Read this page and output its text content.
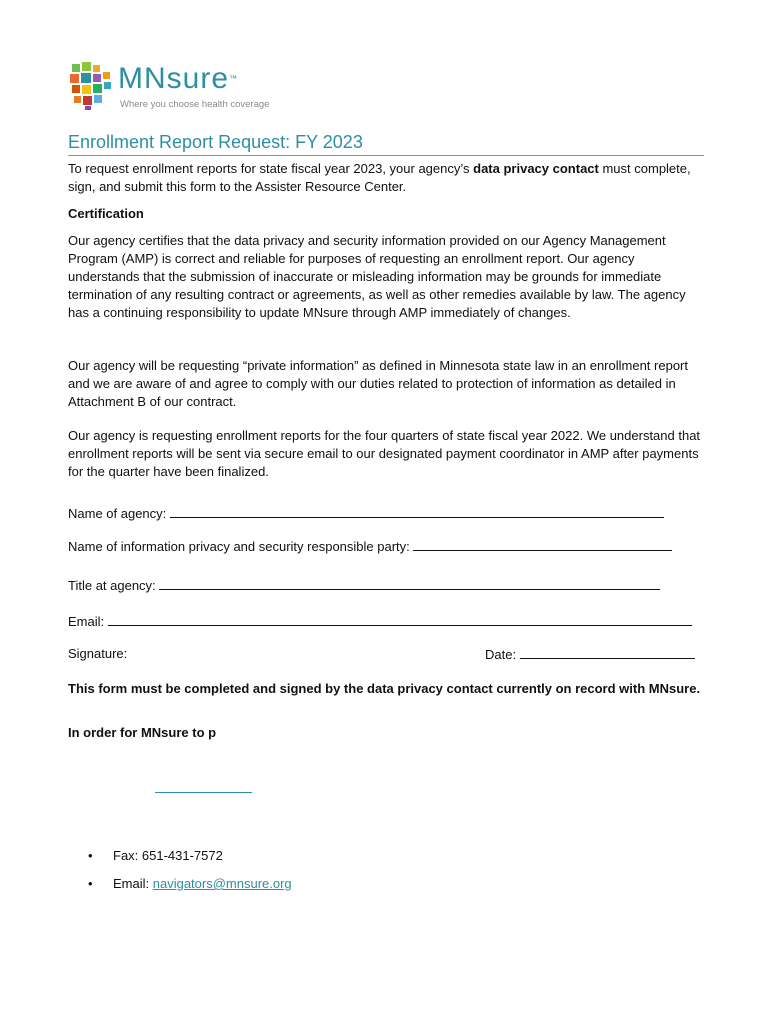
MNsure™
Where you choose health coverage
Enrollment Report Request: FY 2023
To request enrollment reports for state fiscal year 2023, your agency’s data privacy contact must complete, sign, and submit this form to the Assister Resource Center.
Certification
Our agency certifies that the data privacy and security information provided on our Agency Management Program (AMP) is correct and reliable for purposes of requesting an enrollment report. Our agency understands that the submission of inaccurate or misleading information may be grounds for immediate termination of any resulting contract or agreements, as well as other remedies available by law. The agency has a continuing responsibility to update MNsure through AMP immediately of changes.
Our agency will be requesting “private information” as defined in Minnesota state law in an enrollment report and we are aware of and agree to comply with our duties related to protection of information as detailed in Attachment B of our contract.
Our agency is requesting enrollment reports for the four quarters of state fiscal year 2022. We understand that enrollment reports will be sent via secure email to our designated payment coordinator in AMP after payments for the quarter have been finalized.
Name of agency:
Name of information privacy and security responsible party:
Title at agency:
Email:
Signature:	Date:
This form must be completed and signed by the data privacy contact currently on record with MNsure.
In order for MNsure to p
• Fax: 651-431-7572
• Email: navigators@mnsure.org
